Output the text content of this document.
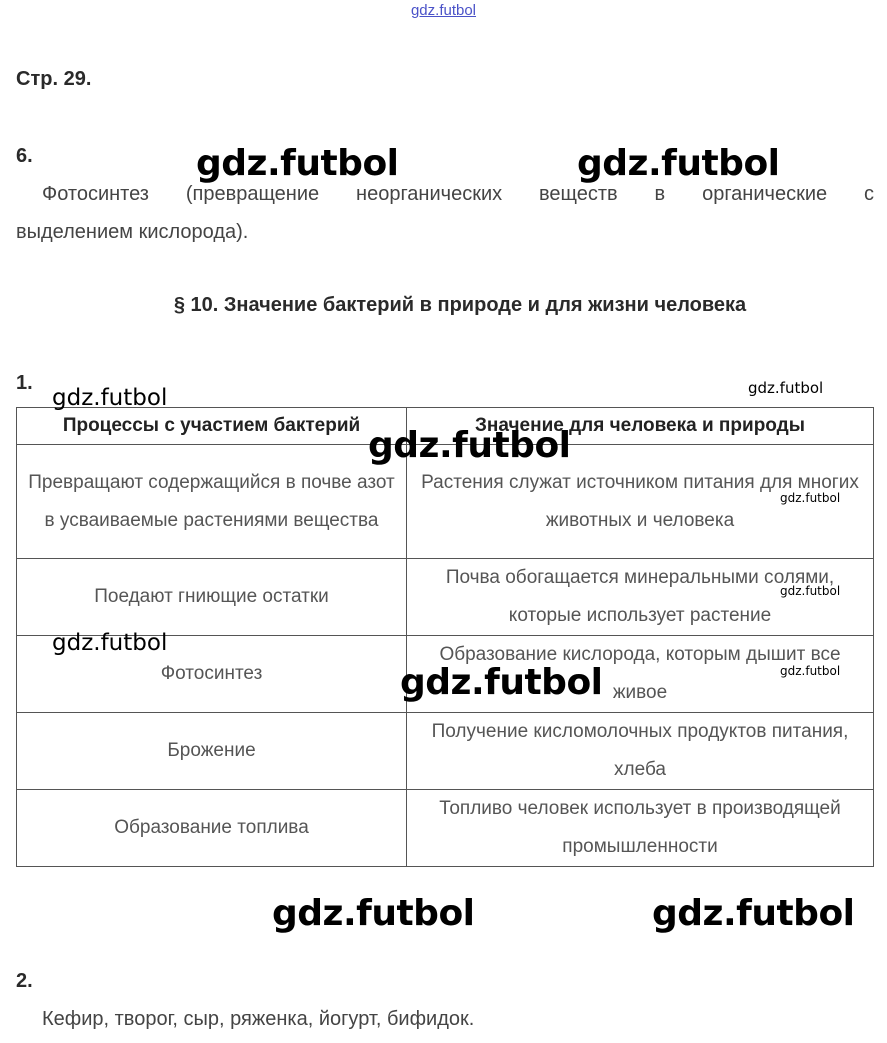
gdz.futbol
Стр. 29.
6.
Фотосинтез (превращение неорганических веществ в органические с
выделением кислорода).
§ 10. Значение бактерий в природе и для жизни человека
1.
Процессы с участием бактерий	Значение для человека и природы
Превращают содержащийся в почве азот в усваиваемые растениями вещества	Растения служат источником питания для многих животных и человека
Поедают гниющие остатки	Почва обогащается минеральными солями, которые использует растение
Фотосинтез	Образование кислорода, которым дышит все живое
Брожение	Получение кисломолочных продуктов питания, хлеба
Образование топлива	Топливо человек использует в производящей промышленности
2.
Кефир, творог, сыр, ряженка, йогурт, бифидок.
gdz.futbol	gdz.futbol
gdz.futbol	gdz.futbol
gdz.futbol
gdz.futbol
gdz.futbol
gdz.futbol
gdz.futbol
gdz.futbol
gdz.futbol	gdz.futbol
